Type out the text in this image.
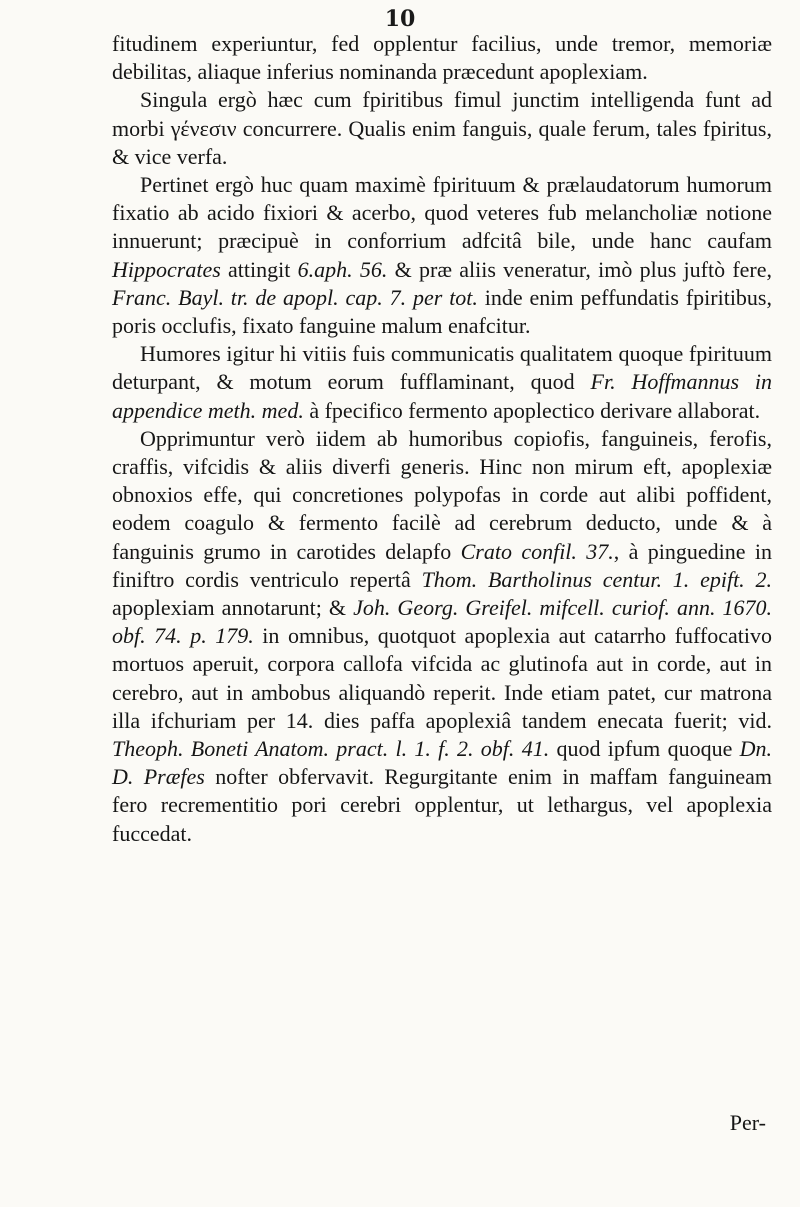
10

fitudinem experiuntur, fed opplentur facilius, unde tremor, memoriæ debilitas, aliaque inferius nominanda præcedunt apoplexiam.

Singula ergò hæc cum fpiritibus fimul junctim intelligenda funt ad morbi γένεσιν concurrere. Qualis enim fanguis, quale ferum, tales fpiritus, & vice verfa.

Pertinet ergò huc quam maximè fpirituum & prælaudatorum humorum fixatio ab acido fixiori & acerbo, quod veteres fub melancholiæ notione innuerunt; præcipuè in conforrium adfcitâ bile, unde hanc caufam Hippocrates attingit 6.aph. 56. & præ aliis veneratur, imò plus juftò fere, Franc. Bayl. tr. de apopl. cap. 7. per tot. inde enim peffundatis fpiritibus, poris occlufis, fixato fanguine malum enafcitur.

Humores igitur hi vitiis fuis communicatis qualitatem quoque fpirituum deturpant, & motum eorum fufflaminant, quod Fr. Hoffmannus in appendice meth. med. à fpecifico fermento apoplectico derivare allaborat.

Opprimuntur verò iidem ab humoribus copiofis, fanguineis, ferofis, craffis, vifcidis & aliis diverfi generis. Hinc non mirum eft, apoplexiæ obnoxios effe, qui concretiones polypofas in corde aut alibi poffident, eodem coagulo & fermento facilè ad cerebrum deducto, unde & à fanguinis grumo in carotides delapfo Crato confil. 37., à pinguedine in finiftro cordis ventriculo repertâ Thom. Bartholinus centur. 1. epift. 2. apoplexiam annotarunt; & Joh. Georg. Greifel. mifcell. curiof. ann. 1670. obf. 74. p. 179. in omnibus, quotquot apoplexia aut catarrho fuffocativo mortuos aperuit, corpora callofa vifcida ac glutinofa aut in corde, aut in cerebro, aut in ambobus aliquandò reperit. Inde etiam patet, cur matrona illa ifchuriam per 14. dies paffa apoplexiâ tandem enecata fuerit; vid. Theoph. Boneti Anatom. pract. l. 1. f. 2. obf. 41. quod ipfum quoque Dn. D. Præfes nofter obfervavit. Regurgitante enim in maffam fanguineam fero recrementitio pori cerebri opplentur, ut lethargus, vel apoplexia fuccedat.

Per-
